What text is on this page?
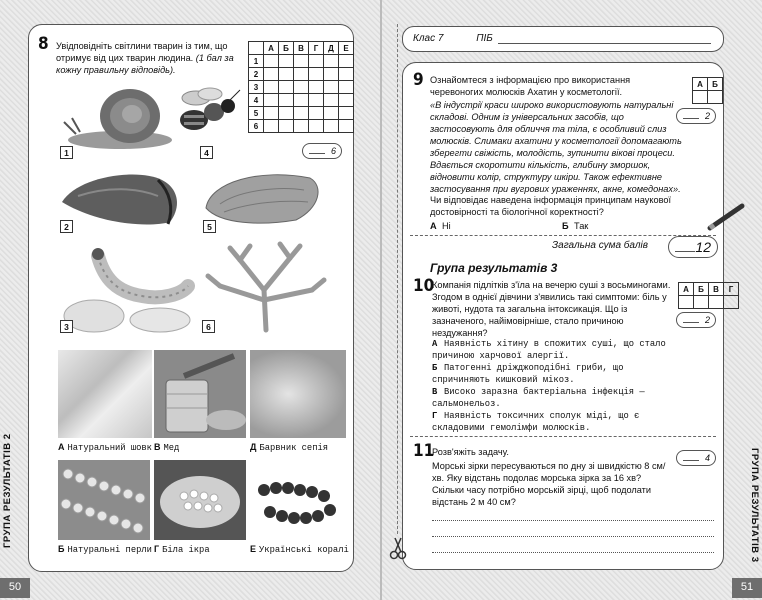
8 Увідповідніть світлини тварин із тим, що отримує від цих тварин людина. (1 бал за кожну правильну відповідь).
	А	Б	В	Г	Д	Е
1						
2						
3						
4						
5						
6						
6
1	4
2	5
3	6
А Натуральний шовк В Мед	Д Барвник сепія
Б Натуральні перли Г Біла ікра	Е Українські коралі
ГРУПА РЕЗУЛЬТАТІВ 2
50
Клас 7	ПІБ
9 Ознайомтеся з інформацією про використання черевоногих молюсків Ахатин у косметології.
А	Б

«В індустрії краси широко використовують натуральні складові. Одним із універсальних засобів, що застосовують для обличчя та тіла, є особливий слиз молюсків. Слимаки ахатини у косметології допомагають зберегти свіжість, молодість, зупинити вікові процеси. Вдається скоротити кількість, глибину зморшок, відновити колір, структуру шкіри. Також ефективне застосування при вугрових ураженнях, акне, комедонах».
2
Чи відповідає наведена інформація принципам наукової достовірності та біологічної коректності?
А Ні	Б Так
Загальна сума балів	12
Група результатів 3
10
Компанія підлітків з'їла на вечерю суші з восьминогами. Згодом в однієї дівчини з'явились такі симптоми: біль у животі, нудота та загальна інтоксикація. Що із зазначеного, найімовірніше, стало причиною нездужання?
А	Б	В	Г

2
А Наявність хітину в спожитих суші, що стало причиною харчової алергії.
Б Патогенні дріжджоподібні гриби, що спричиняють кишковий мікоз.
В Високо заразна бактеріальна інфекція — сальмонельоз.
Г Наявність токсичних сполук міді, що є складовими гемолімфи молюсків.
11
Розв'яжіть задачу.
4
Морські зірки пересуваються по дну зі швидкістю 8 см/хв. Яку відстань подолає морська зірка за 16 хв? Скільки часу потрібно морській зірці, щоб подолати відстань 2 м 40 см?	ГРУПА РЕЗУЛЬТАТІВ 3
51
